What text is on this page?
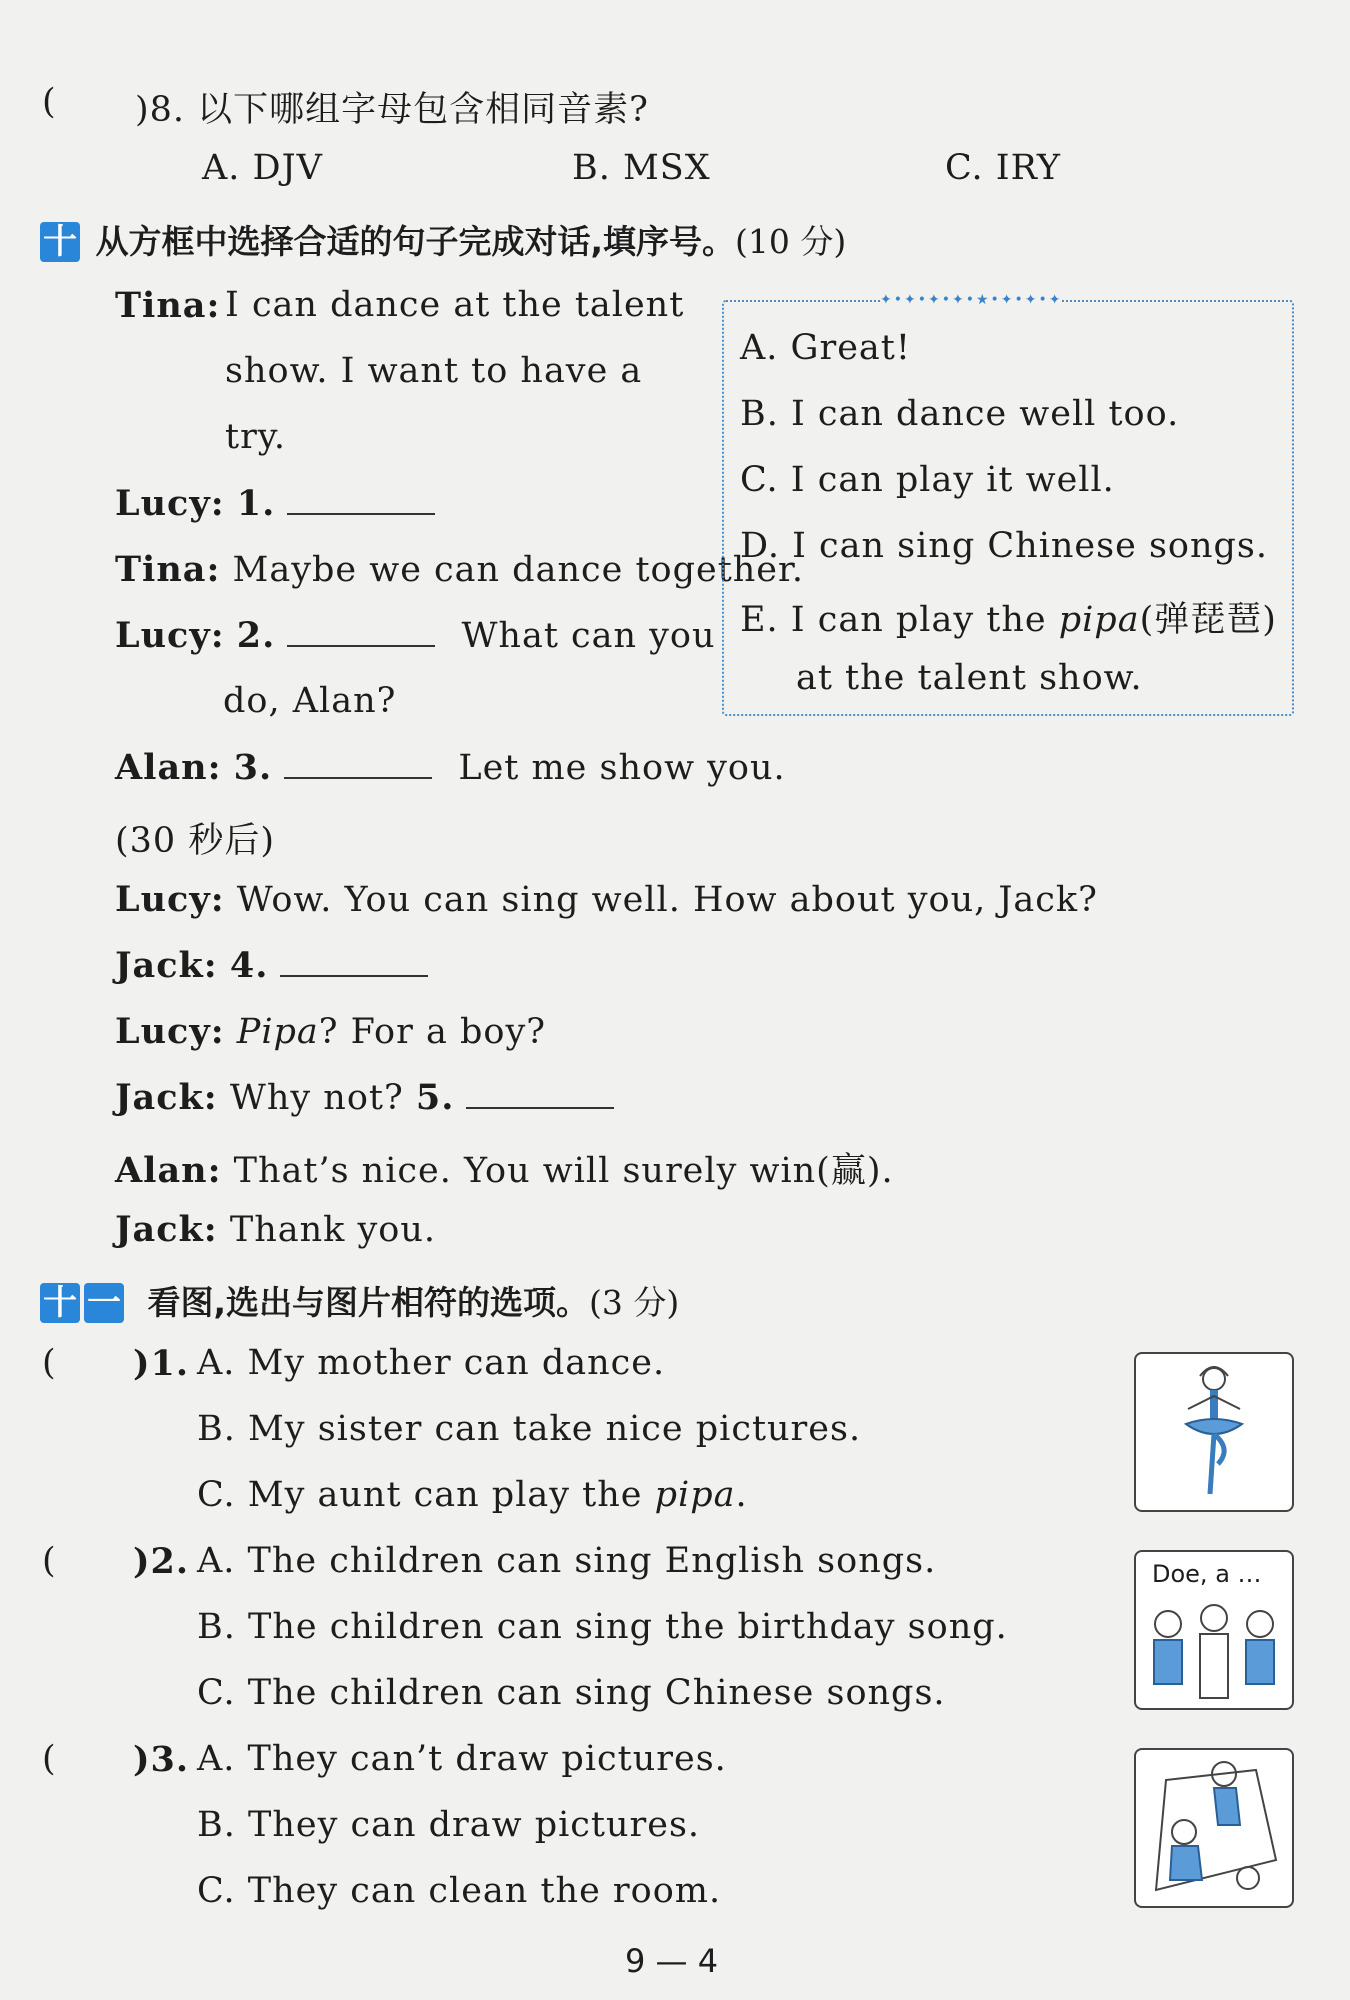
( )8. 以下哪组字母包含相同音素?
A. DJV	B. MSX	C. IRY
十 从方框中选择合适的句子完成对话,填序号。(10 分)
Tina: I can dance at the talent
show. I want to have a
try.
Lucy: 1.
Tina: Maybe we can dance together.
Lucy: 2.	What can you
do, Alan?
Alan: 3.	Let me show you.
(30 秒后)
Lucy: Wow. You can sing well. How about you, Jack?
Jack: 4.
Lucy: Pipa? For a boy?
Jack: Why not? 5.
Alan: That’s nice. You will surely win(赢).
Jack: Thank you.
✦•✦•✦•✦•★•✦•✦•✦
A. Great!
B. I can dance well too.
C. I can play it well.
D. I can sing Chinese songs.
E. I can play the pipa(弹琵琶)
at the talent show.
十 一 看图,选出与图片相符的选项。(3 分)
( )1. A. My mother can dance.
B. My sister can take nice pictures.
C. My aunt can play the pipa.
( )2. A. The children can sing English songs.
B. The children can sing the birthday song.
C. The children can sing Chinese songs.
Doe, a …
( )3. A. They can’t draw pictures.
B. They can draw pictures.
C. They can clean the room.
9 — 4
